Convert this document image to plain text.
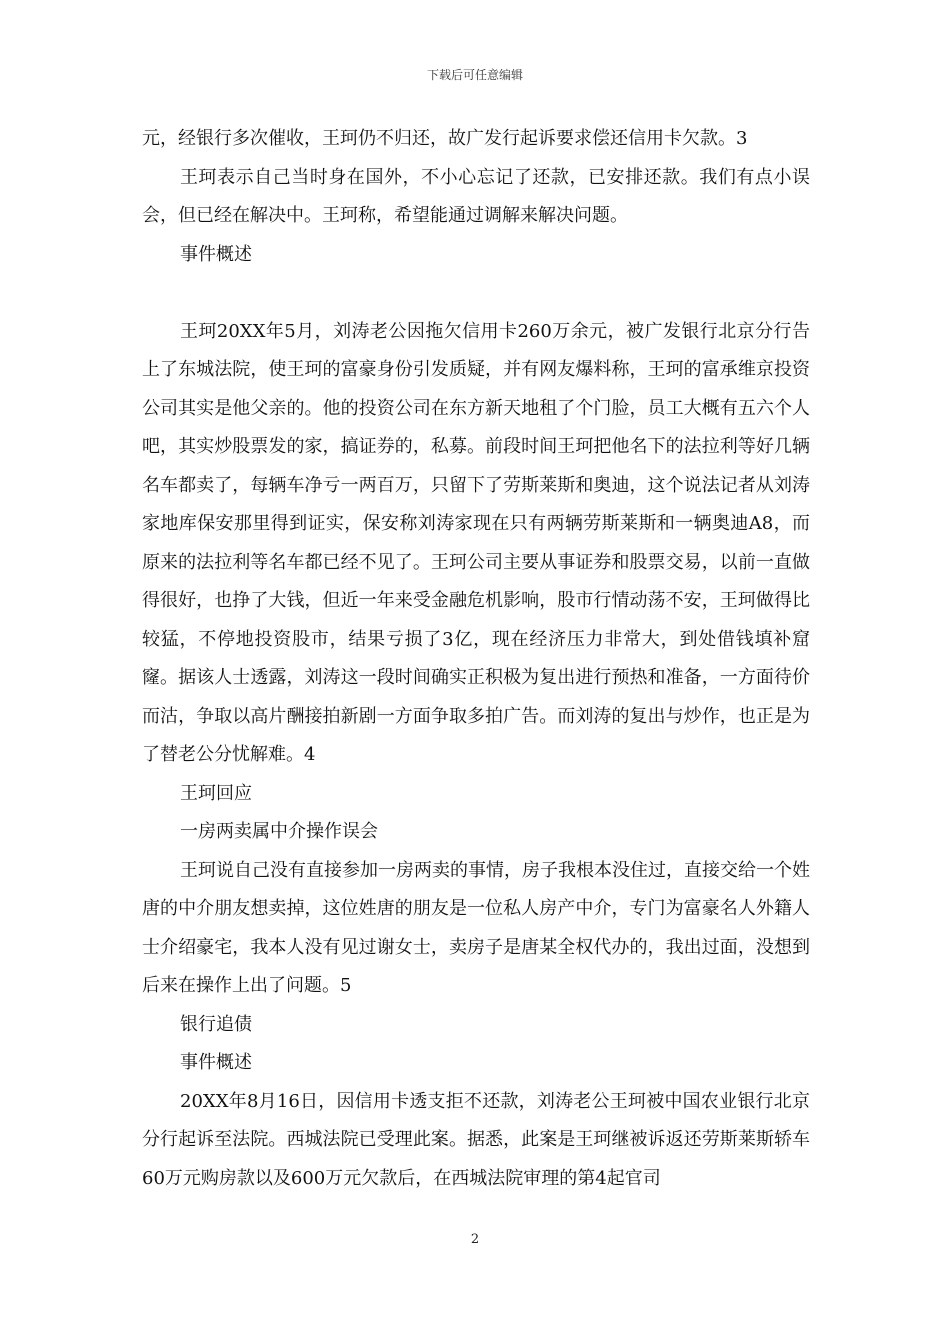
下载后可任意编辑

元，经银行多次催收，王珂仍不归还，故广发行起诉要求偿还信用卡欠款。3

王珂表示自己当时身在国外，不小心忘记了还款，已安排还款。我们有点小误会，但已经在解决中。王珂称，希望能通过调解来解决问题。

事件概述

王珂20XX年5月，刘涛老公因拖欠信用卡260万余元，被广发银行北京分行告上了东城法院，使王珂的富豪身份引发质疑，并有网友爆料称，王珂的富承维京投资公司其实是他父亲的。他的投资公司在东方新天地租了个门脸，员工大概有五六个人吧，其实炒股票发的家，搞证券的，私募。前段时间王珂把他名下的法拉利等好几辆名车都卖了，每辆车净亏一两百万，只留下了劳斯莱斯和奥迪，这个说法记者从刘涛家地库保安那里得到证实，保安称刘涛家现在只有两辆劳斯莱斯和一辆奥迪A8，而原来的法拉利等名车都已经不见了。王珂公司主要从事证券和股票交易，以前一直做得很好，也挣了大钱，但近一年来受金融危机影响，股市行情动荡不安，王珂做得比较猛，不停地投资股市，结果亏损了3亿，现在经济压力非常大，到处借钱填补窟窿。据该人士透露，刘涛这一段时间确实正积极为复出进行预热和准备，一方面待价而沽，争取以高片酬接拍新剧一方面争取多拍广告。而刘涛的复出与炒作，也正是为了替老公分忧解难。4

王珂回应

一房两卖属中介操作误会

王珂说自己没有直接参加一房两卖的事情，房子我根本没住过，直接交给一个姓唐的中介朋友想卖掉，这位姓唐的朋友是一位私人房产中介，专门为富豪名人外籍人士介绍豪宅，我本人没有见过谢女士，卖房子是唐某全权代办的，我出过面，没想到后来在操作上出了问题。5

银行追债

事件概述

20XX年8月16日，因信用卡透支拒不还款，刘涛老公王珂被中国农业银行北京分行起诉至法院。西城法院已受理此案。据悉，此案是王珂继被诉返还劳斯莱斯轿车60万元购房款以及600万元欠款后，在西城法院审理的第4起官司

2
